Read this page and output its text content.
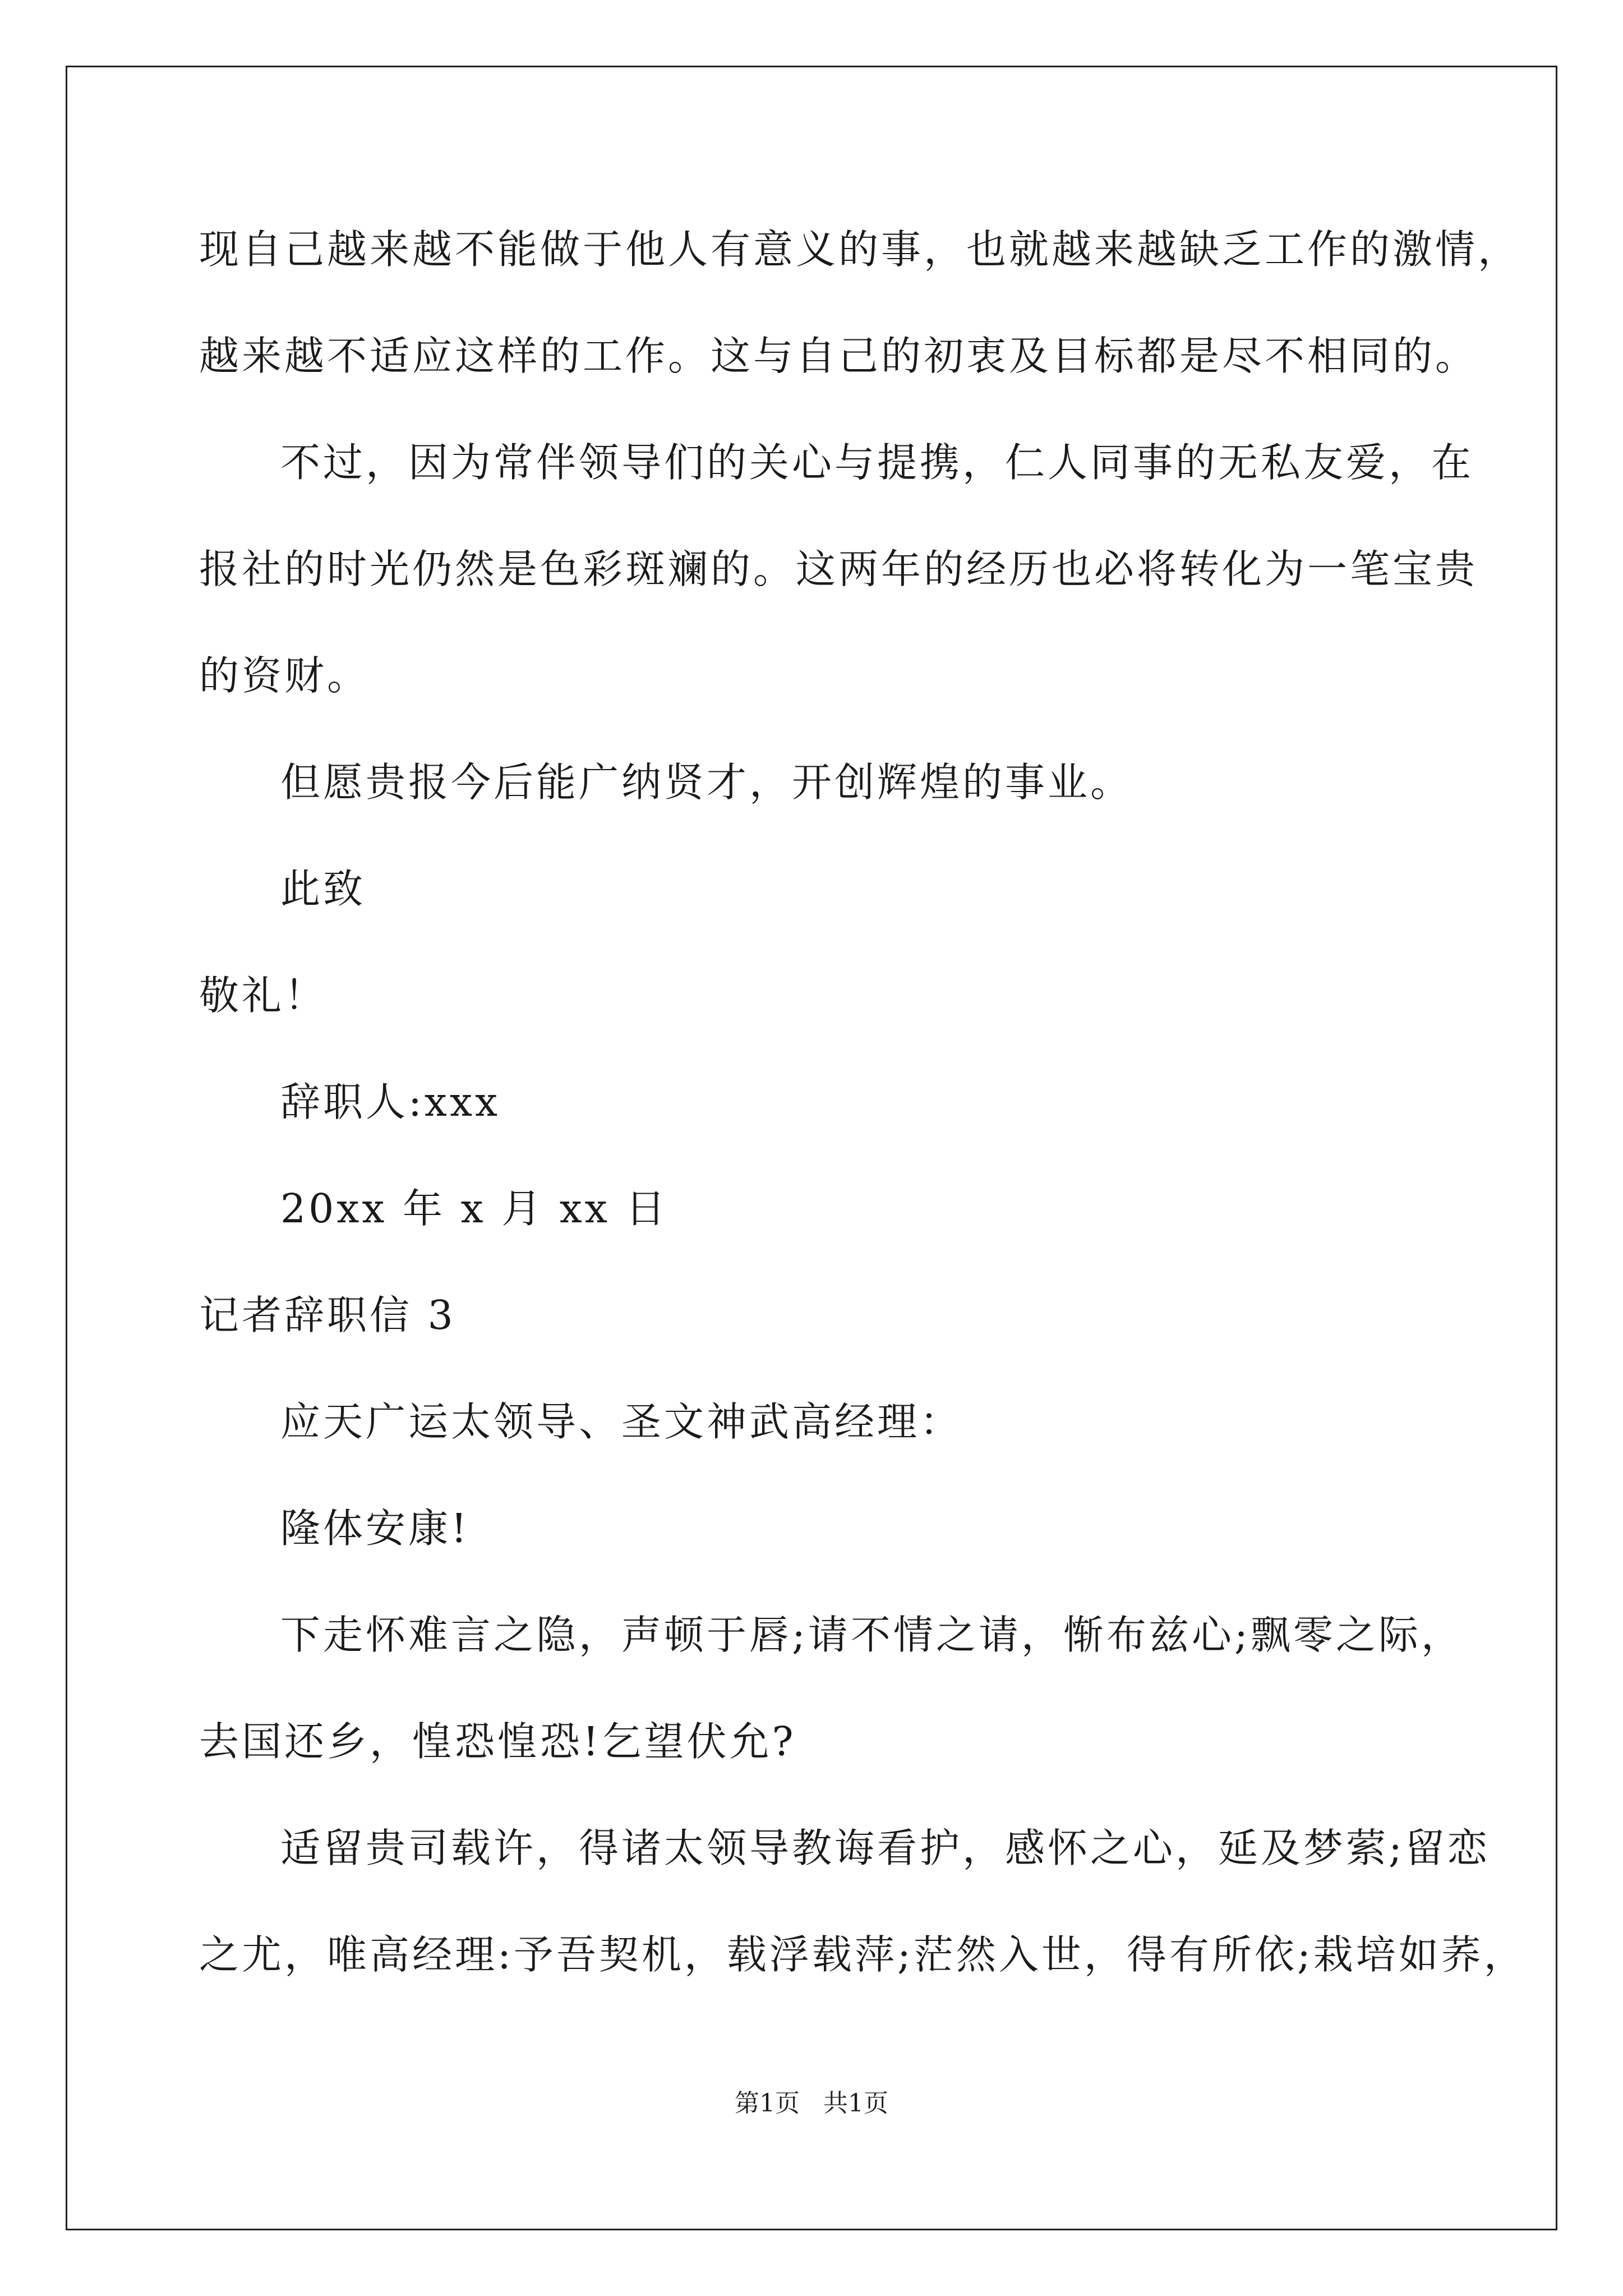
现自己越来越不能做于他人有意义的事，也就越来越缺乏工作的激情，
越来越不适应这样的工作。这与自己的初衷及目标都是尽不相同的。
不过，因为常伴领导们的关心与提携，仁人同事的无私友爱，在
报社的时光仍然是色彩斑斓的。这两年的经历也必将转化为一笔宝贵
的资财。
但愿贵报今后能广纳贤才，开创辉煌的事业。
此致
敬礼！
辞职人:xxx
20xx 年 x 月 xx 日
记者辞职信 3
应天广运太领导、圣文神武高经理：
隆体安康!
下走怀难言之隐，声顿于唇;请不情之请，惭布兹心;飘零之际，
去国还乡，惶恐惶恐!乞望伏允?
适留贵司载许，得诸太领导教诲看护，感怀之心，延及梦萦;留恋
之尤，唯高经理:予吾契机，载浮载萍;茫然入世，得有所依;栽培如荞，
第1页   共1页
